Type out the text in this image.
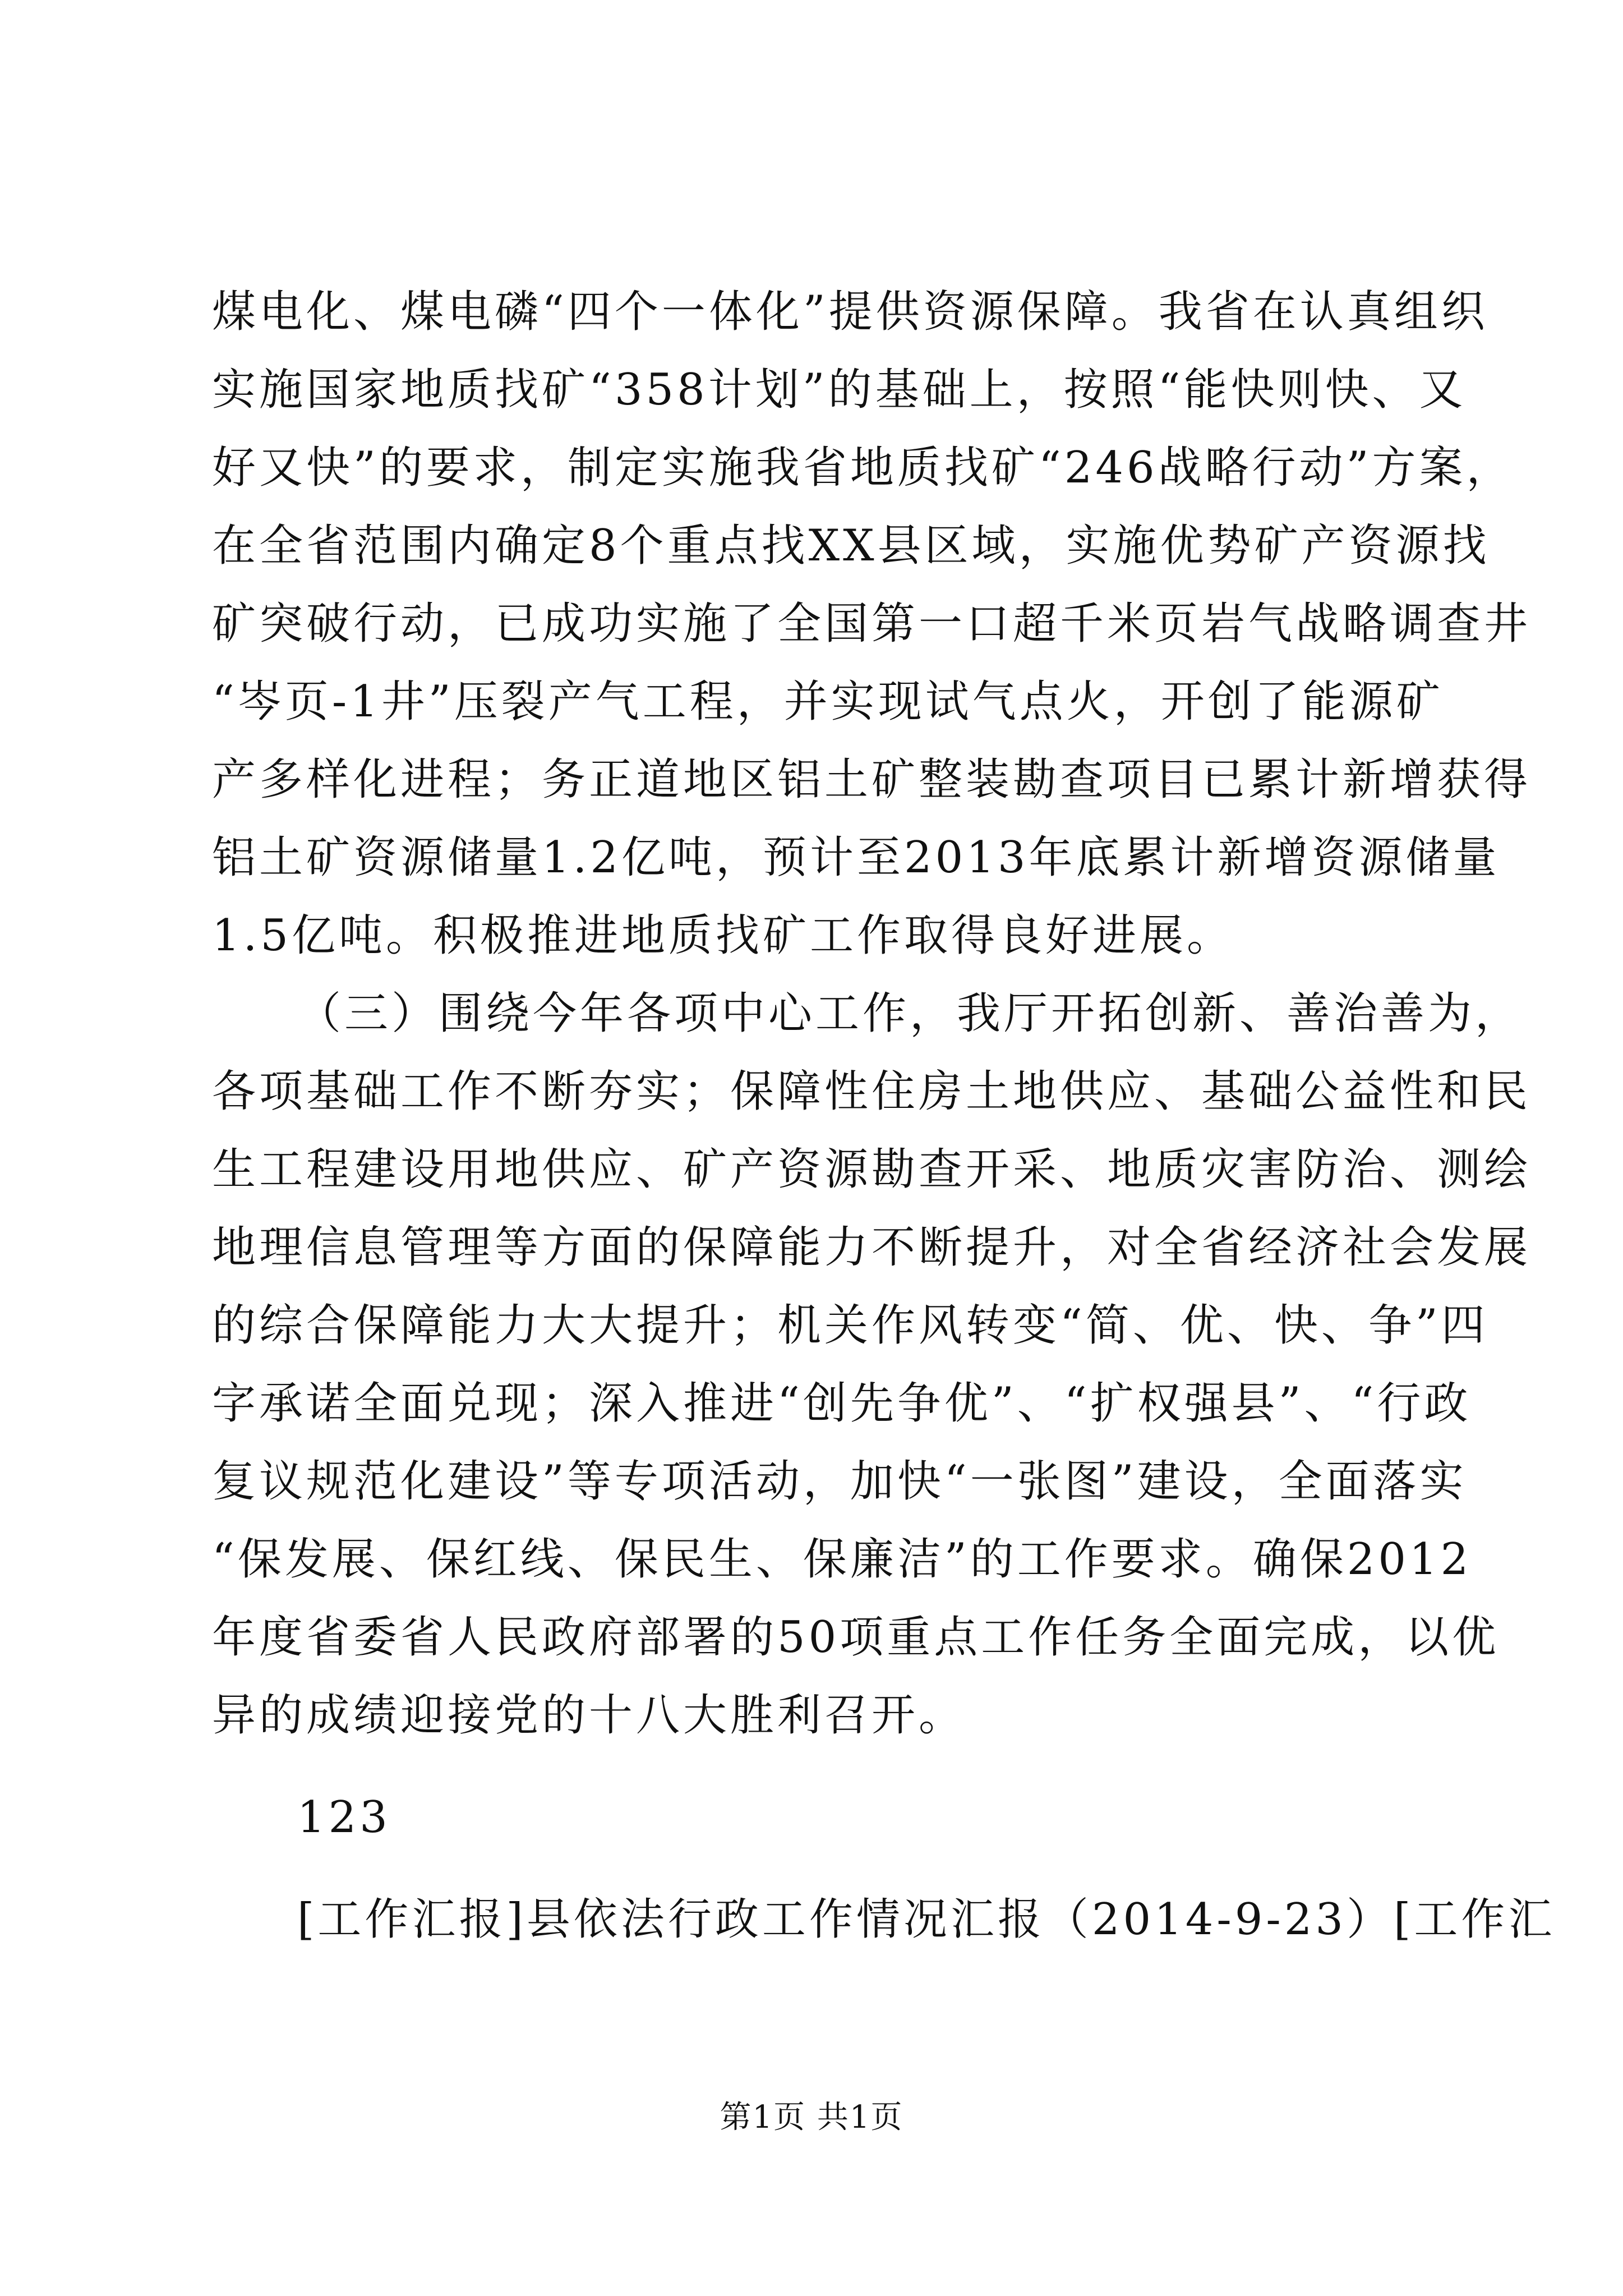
煤电化、煤电磷“四个一体化”提供资源保障。我省在认真组织
实施国家地质找矿“358计划”的基础上，按照“能快则快、又
好又快”的要求，制定实施我省地质找矿“246战略行动”方案，
在全省范围内确定8个重点找XX县区域，实施优势矿产资源找
矿突破行动，已成功实施了全国第一口超千米页岩气战略调查井
“岑页-1井”压裂产气工程，并实现试气点火，开创了能源矿
产多样化进程；务正道地区铝土矿整装勘查项目已累计新增获得
铝土矿资源储量1.2亿吨，预计至2013年底累计新增资源储量
1.5亿吨。积极推进地质找矿工作取得良好进展。
（三）围绕今年各项中心工作，我厅开拓创新、善治善为，
各项基础工作不断夯实；保障性住房土地供应、基础公益性和民
生工程建设用地供应、矿产资源勘查开采、地质灾害防治、测绘
地理信息管理等方面的保障能力不断提升，对全省经济社会发展
的综合保障能力大大提升；机关作风转变“简、优、快、争”四
字承诺全面兑现；深入推进“创先争优”、“扩权强县”、“行政
复议规范化建设”等专项活动，加快“一张图”建设，全面落实
“保发展、保红线、保民生、保廉洁”的工作要求。确保2012
年度省委省人民政府部署的50项重点工作任务全面完成，以优
异的成绩迎接党的十八大胜利召开。
123
[工作汇报]县依法行政工作情况汇报（2014-9-23）[工作汇
第1页 共1页
